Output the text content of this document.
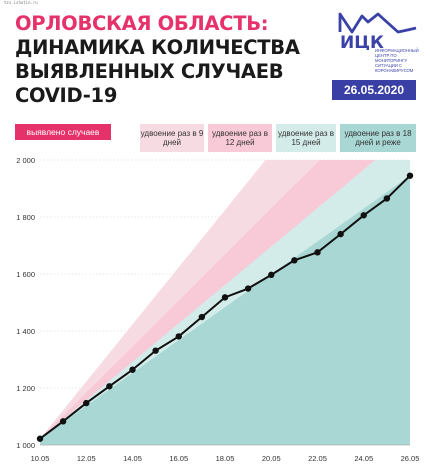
tzz.ishutin.ru
ОРЛОВСКАЯ ОБЛАСТЬ:
ДИНАМИКА КОЛИЧЕСТВА
ВЫЯВЛЕННЫХ СЛУЧАЕВ COVID-19
ИЦК
ИНФОРМАЦИОННЫЙ ЦЕНТР ПО МОНИТОРИНГУ СИТУАЦИИ С КОРОНАВИРУСОМ
26.05.2020
выявлено случаев	удвоение раз в 9 дней
удвоение раз в 12 дней
удвоение раз в 15 дней
удвоение раз в 18 дней и реже
1 000
1 200
1 400
1 600
1 800
2 000
10.05	12.05	14.05	16.05	18.05	20.05	22.05	24.05	26.05
